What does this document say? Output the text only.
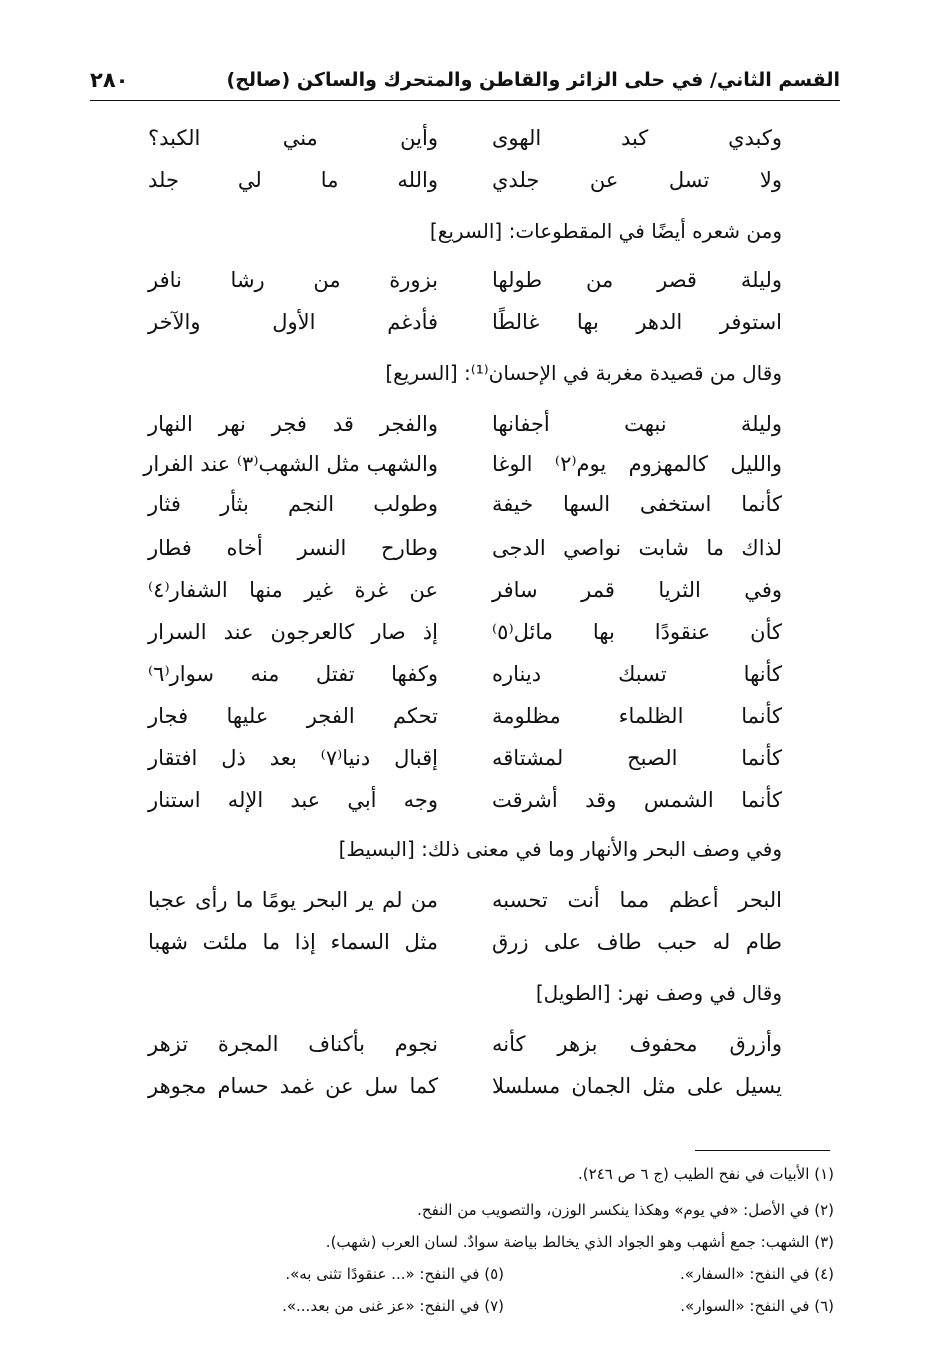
القسم الثاني/ في حلى الزائر والقاطن والمتحرك والساكن (صالح)
٢٨٠
وكبدي كبد الهوى
وأين مني الكبد؟
ولا تسل عن جلدي
والله ما لي جلد
ومن شعره أيضًا في المقطوعات: [السريع]
وليلة قصر من طولها
بزورة من رشا نافر
استوفر الدهر بها غالطًا
فأدغم الأول والآخر
وقال من قصيدة مغربة في الإحسان⁽¹⁾: [السريع]
وليلة نبهت أجفانها
والفجر قد فجر نهر النهار
والليل كالمهزوم يوم⁽٢⁾ الوغا
والشهب مثل الشهب⁽٣⁾ عند الفرار
كأنما استخفى السها خيفة
وطولب النجم بثأر فثار
لذاك ما شابت نواصي الدجى
وطارح النسر أخاه فطار
وفي الثريا قمر سافر
عن غرة غير منها الشفار⁽٤⁾
كأن عنقودًا بها مائل⁽٥⁾
إذ صار كالعرجون عند السرار
كأنها تسبك ديناره
وكفها تفتل منه سوار⁽٦⁾
كأنما الظلماء مظلومة
تحكم الفجر عليها فجار
كأنما الصبح لمشتاقه
إقبال دنيا⁽٧⁾ بعد ذل افتقار
كأنما الشمس وقد أشرقت
وجه أبي عبد الإله استنار
وفي وصف البحر والأنهار وما في معنى ذلك: [البسيط]
البحر أعظم مما أنت تحسبه
من لم ير البحر يومًا ما رأى عجبا
طام له حبب طاف على زرق
مثل السماء إذا ما ملئت شهبا
وقال في وصف نهر: [الطويل]
وأزرق محفوف بزهر كأنه
نجوم بأكناف المجرة تزهر
يسيل على مثل الجمان مسلسلا
كما سل عن غمد حسام مجوهر
(١) الأبيات في نفح الطيب (ج ٦ ص ٢٤٦).
(٢) في الأصل: «في يوم» وهكذا ينكسر الوزن، والتصويب من النفح.
(٣) الشهب: جمع أشهب وهو الجواد الذي يخالط بياضة سوادٌ. لسان العرب (شهب).
(٤) في النفح: «السفار».
(٥) في النفح: «... عنقودًا تثنى به».
(٦) في النفح: «السوار».
(٧) في النفح: «عز غنى من بعد...».
